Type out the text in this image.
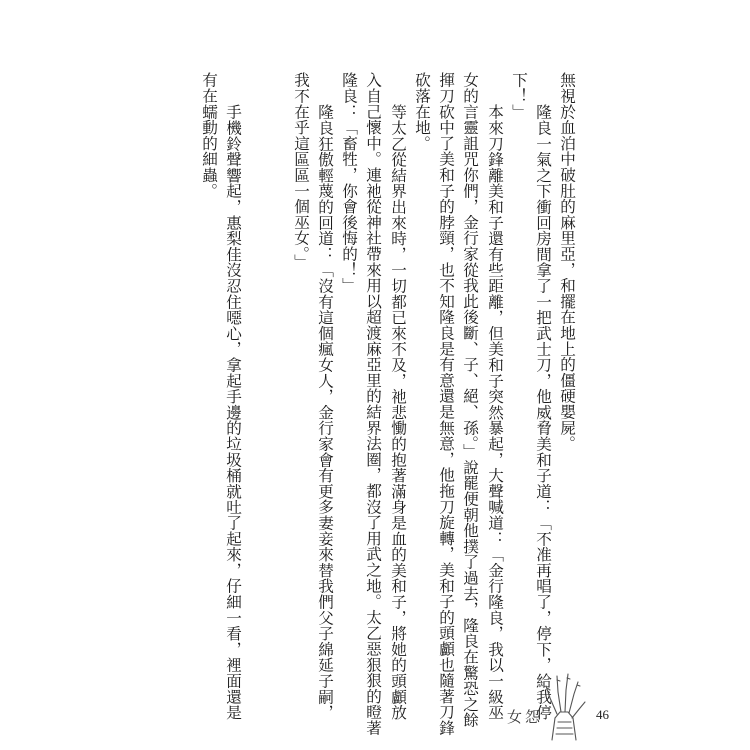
無視於血泊中破肚的麻里亞，和擺在地上的僵硬嬰屍。
隆良一氣之下衝回房間拿了一把武士刀，他威脅美和子道：「不准再唱了，停下，給我停
下！」
本來刀鋒離美和子還有些距離，但美和子突然暴起，大聲喊道：「金行隆良，我以一級巫
女的言靈詛咒你們，金行家從我此後斷、子、絕、孫。」說罷便朝他撲了過去，隆良在驚恐之餘
揮刀砍中了美和子的脖頸，也不知隆良是有意還是無意，他拖刀旋轉，美和子的頭顱也隨著刀鋒
砍落在地。
等太乙從結界出來時，一切都已來不及，祂悲慟的抱著滿身是血的美和子，將她的頭顱放
入自己懷中。連祂從神社帶來用以超渡麻亞里的結界法圈，都沒了用武之地。太乙惡狠狠的瞪著
隆良：「畜牲，你會後悔的！」
隆良狂傲輕蔑的回道：「沒有這個瘋女人，金行家會有更多妻妾來替我們父子綿延子嗣，
我不在乎這區區一個巫女。」
手機鈴聲響起，惠梨佳沒忍住噁心，拿起手邊的垃圾桶就吐了起來，仔細一看，裡面還是
有在蠕動的細蟲。
女怨	46
